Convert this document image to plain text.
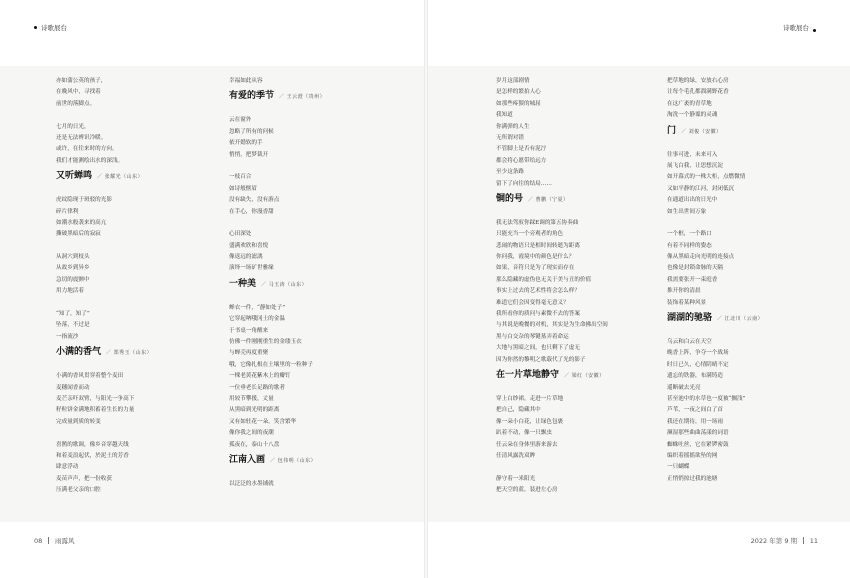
诗歌展台
08 雨露风
亦如蒲公英的孩子，
在晚风中，寻找着
前世的落脚点。
七月的日光，
还是无法辨识冷暖。
或许，在往来时的方向。
我们才能测绘出水的深浅。
又听蝉鸣 ／ 张耀光（山东）
虎纹隐现于斑驳的光影
碎片律利
如潮水般袭来的高亢
撕破黑暗后的寂寂
从洞穴到枝头
从故乡到异乡
急切的震颤中
用力地活着
“知了，知了”
坠落，不过是
一指流沙
小满的香气 ／ 郑秀玉（山东）
小满的香风贯穿着整个麦田
麦穗闻香而动
麦芒亲吓双臂，与阳光一争高下
籽粒饼金满地积蓄着生长的力量
完成量到质的转变
喜鹊的歌调，像乡音穿越天线
和着麦浪起伏，於泥土的芳香
肆意浮动
麦苗声声，把一份收获
压满老父亲的口腔
幸福如此从容
有爱的季节 ／ 王云澄（贵州）
云在窗外
忽略了所有的问候
依开婚软的手
悄悄，把梦裁开
一枝百合
如诗般惬眉
没有缺失，没有游点
在手心，你漫香甜
心田深处
盛满欢欣和喜悦
像返远的滤漓
演绎一场矿世雅缘
一种美 ／ 马玉涛（山东）
蝉衣一件，“静如处子”
它穿起呐哦冈土的金温
于书桌一角醒来
仿佛一件刚刚重生的金缕玉衣
与蝉壳再度重聚
哦，它像扎根在土壤里的一粒种子
一棵老黄花紫木上的瓣钉
一位垂老长足路的歌者
用较节攀援，丈量
从黑暗到光明的距离
又有如驻花一朵，笑含繁华
像你我之间的夜潮
孤夜在，泰山十八盘
江南入画 ／ 包伟明（山东）
以泛泛的水墨铺就
诗歌展台
2022 年第 9 期 11
岁月这部剧情
是怎样的繁拍人心
如那些疼猥的城屈
我知道
你满弹的人生
无所谓对错
不管脚上是否有泥泞
都会将心愿带给远方
至少这条路
留下了向往的结局……
铜的号 ／ 曹鹏（宁夏）
我无法驾驭你踩E调的第五协奏曲
只能充当一个旁观者的角色
悲闹的物语只是相时间转逝为距离
你问我，霞境中的颜色是什么？
如果，音符只是为了现实而存在
那么隐藏的虚伪也无关于美与丑的价值
事实上过去的艺术性将会怎么样？
难道它们会因变得毫无意义？
我所看你的质问与素微不去的答案
与其说是晚餐的对机，其实是为生命拂出空间
黑与白交杂的琴键墓弄着命运
大地与黑暗之间，也只剩下了虚无
因为你然的黎明之歌载代了光的影子
在一片草地静守 ／ 梁红（安徽）
穿上白纱裙，走进一片草地
把自己，隐藏其中
像一朵小白花，让绿色包裹
趴着不动，像一只飘虫
任云朵在身体里游来游去
任清风露洗双眸
静守着一米阳光
把天空的蓝，装进左心房
把草地的绿，安放右心房
让每个毛孔都溜满野花香
在这广袤的青草地
淘洗一个静谧的灵魂
门 ／ 刘俊（安徽）
往事可进，未来可入
展飞白我，让思想沉淀
如开幕式的一株大柜，点燃微情
又如平静的江河，封闭低沉
在通道出出的日光中
如生出世间万象
一个框，一个路口
有着不同样的姿态
像从黑暗走向光明的连接点
也像是封锁命脉的天隔
我需要张开一束庭香
推开你的清晨
装饰着某种风景
湖湖的驰骆 ／ 江北川（云南）
乌云和白云在天空
晚香上阵，争夺一个战场
时日已久，心情阴晴不定
遗忘的铁器，布满铸造
遥断破去光亮
甚至池中的水草也一度被“搁浅”
芦苇，一夜之间白了首
我还在期待，用一场雨
濒湿那些曲曲荡漾的词语
蜘蛛吐丝，它在紧锣密鼓
编织着摇摇欲坠的网
一只蝴蝶
正悄悄掠过我的池塘
